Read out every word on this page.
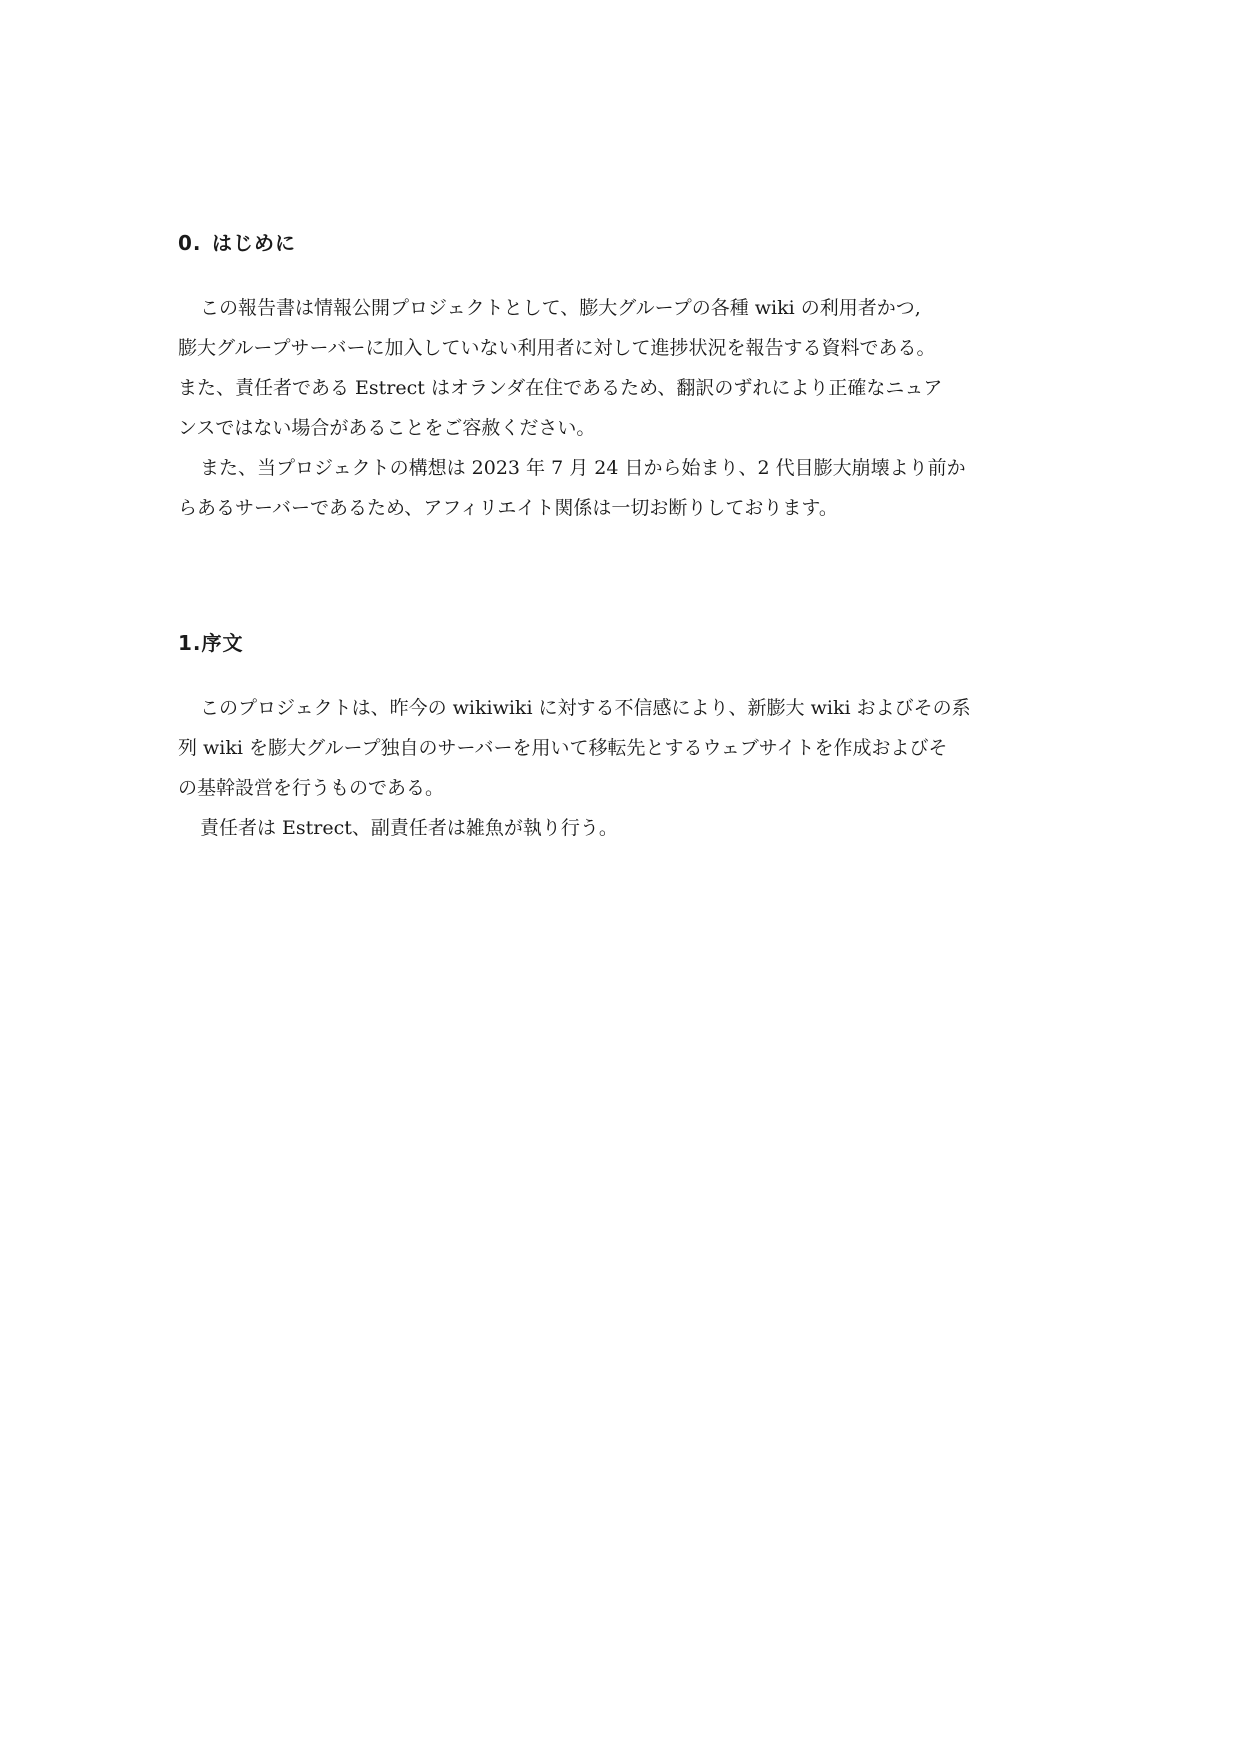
0. はじめに

この報告書は情報公開プロジェクトとして、膨大グループの各種 wiki の利用者かつ,
膨大グループサーバーに加入していない利用者に対して進捗状況を報告する資料である。
また、責任者である Estrect はオランダ在住であるため、翻訳のずれにより正確なニュア
ンスではない場合があることをご容赦ください。

また、当プロジェクトの構想は 2023 年 7 月 24 日から始まり、2 代目膨大崩壊より前か
らあるサーバーであるため、アフィリエイト関係は一切お断りしております。

1.序文

このプロジェクトは、昨今の wikiwiki に対する不信感により、新膨大 wiki およびその系
列 wiki を膨大グループ独自のサーバーを用いて移転先とするウェブサイトを作成およびそ
の基幹設営を行うものである。

責任者は Estrect、副責任者は雑魚が執り行う。
